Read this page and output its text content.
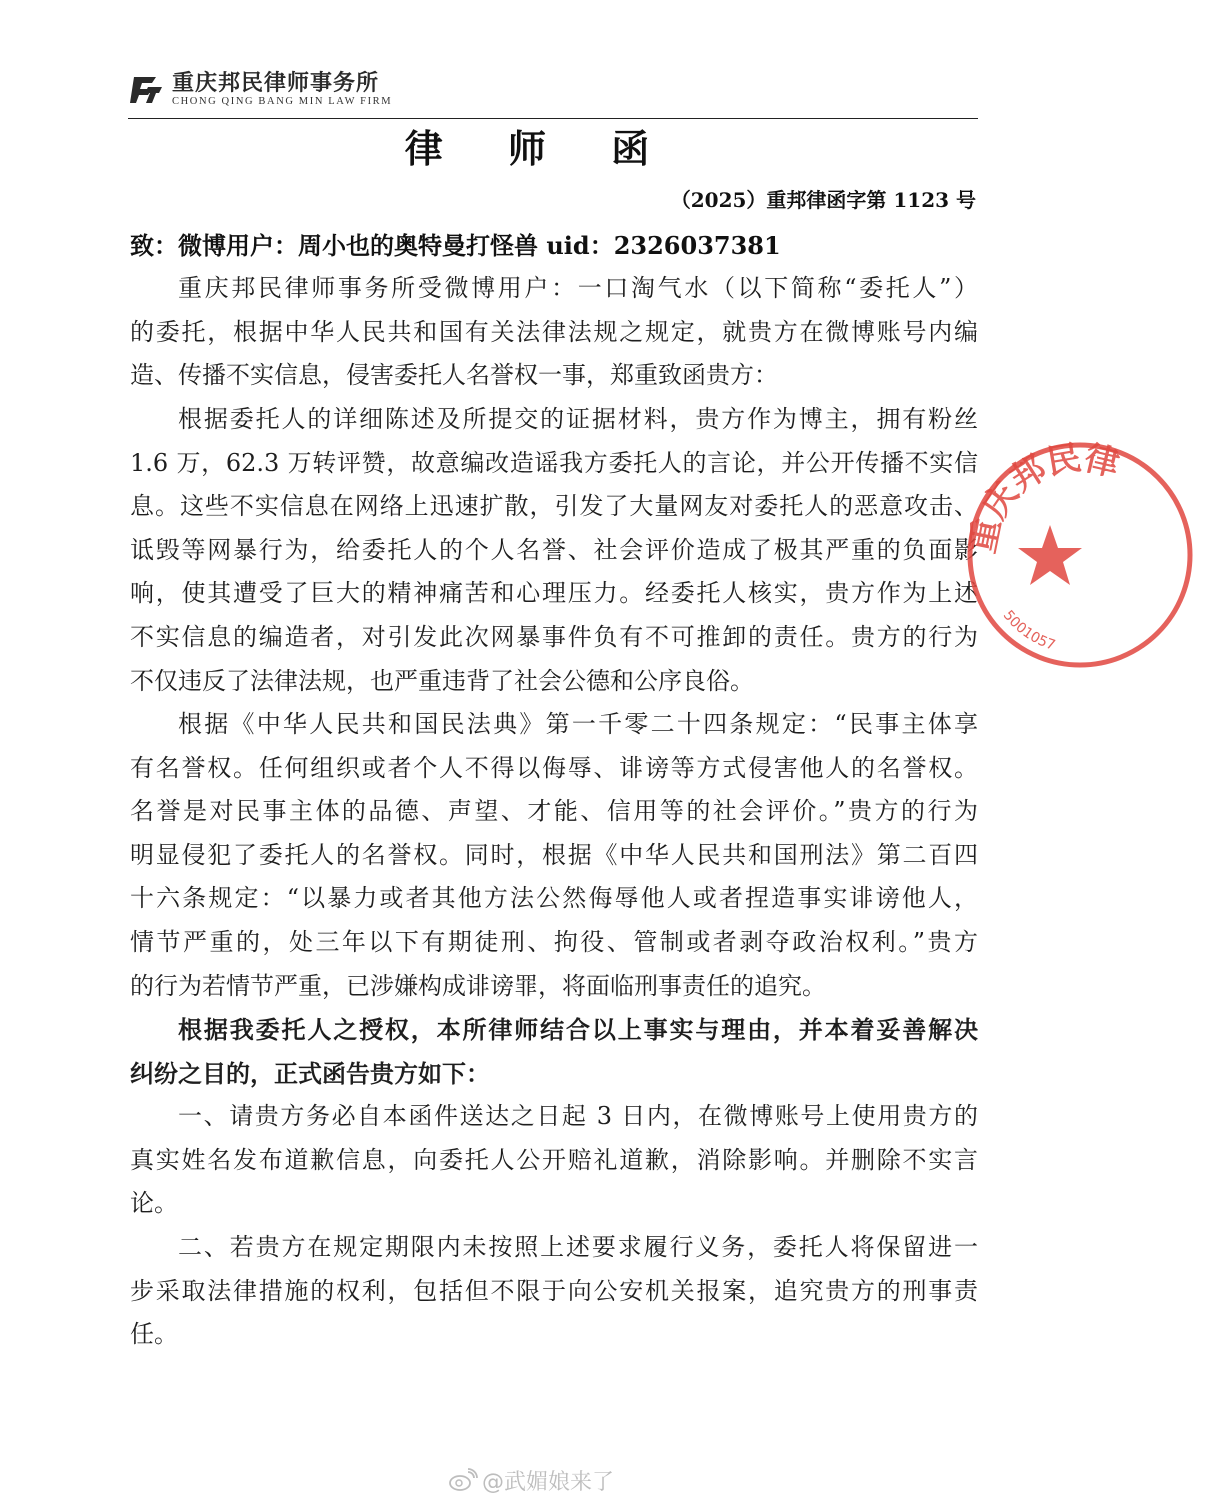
重庆邦民律师事务所
CHONG QING BANG MIN LAW FIRM
律 师 函
（2025）重邦律函字第 1123 号
致：微博用户：周小也的奥特曼打怪兽 uid：2326037381
重庆邦民律师事务所受微博用户：一口淘气水（以下简称“委托人”）
的委托，根据中华人民共和国有关法律法规之规定，就贵方在微博账号内编
造、传播不实信息，侵害委托人名誉权一事，郑重致函贵方：
根据委托人的详细陈述及所提交的证据材料，贵方作为博主，拥有粉丝
1.6 万，62.3 万转评赞，故意编改造谣我方委托人的言论，并公开传播不实信
息。这些不实信息在网络上迅速扩散，引发了大量网友对委托人的恶意攻击、
诋毁等网暴行为，给委托人的个人名誉、社会评价造成了极其严重的负面影
响，使其遭受了巨大的精神痛苦和心理压力。经委托人核实，贵方作为上述
不实信息的编造者，对引发此次网暴事件负有不可推卸的责任。贵方的行为
不仅违反了法律法规，也严重违背了社会公德和公序良俗。
根据《中华人民共和国民法典》第一千零二十四条规定：“民事主体享
有名誉权。任何组织或者个人不得以侮辱、诽谤等方式侵害他人的名誉权。
名誉是对民事主体的品德、声望、才能、信用等的社会评价。”贵方的行为
明显侵犯了委托人的名誉权。同时，根据《中华人民共和国刑法》第二百四
十六条规定：“以暴力或者其他方法公然侮辱他人或者捏造事实诽谤他人，
情节严重的，处三年以下有期徒刑、拘役、管制或者剥夺政治权利。”贵方
的行为若情节严重，已涉嫌构成诽谤罪，将面临刑事责任的追究。
根据我委托人之授权，本所律师结合以上事实与理由，并本着妥善解决
纠纷之目的，正式函告贵方如下：
一、请贵方务必自本函件送达之日起 3 日内，在微博账号上使用贵方的
真实姓名发布道歉信息，向委托人公开赔礼道歉，消除影响。并删除不实言
论。
二、若贵方在规定期限内未按照上述要求履行义务，委托人将保留进一
步采取法律措施的权利，包括但不限于向公安机关报案，追究贵方的刑事责
任。
重庆邦民律
5001057
@武媚娘来了
